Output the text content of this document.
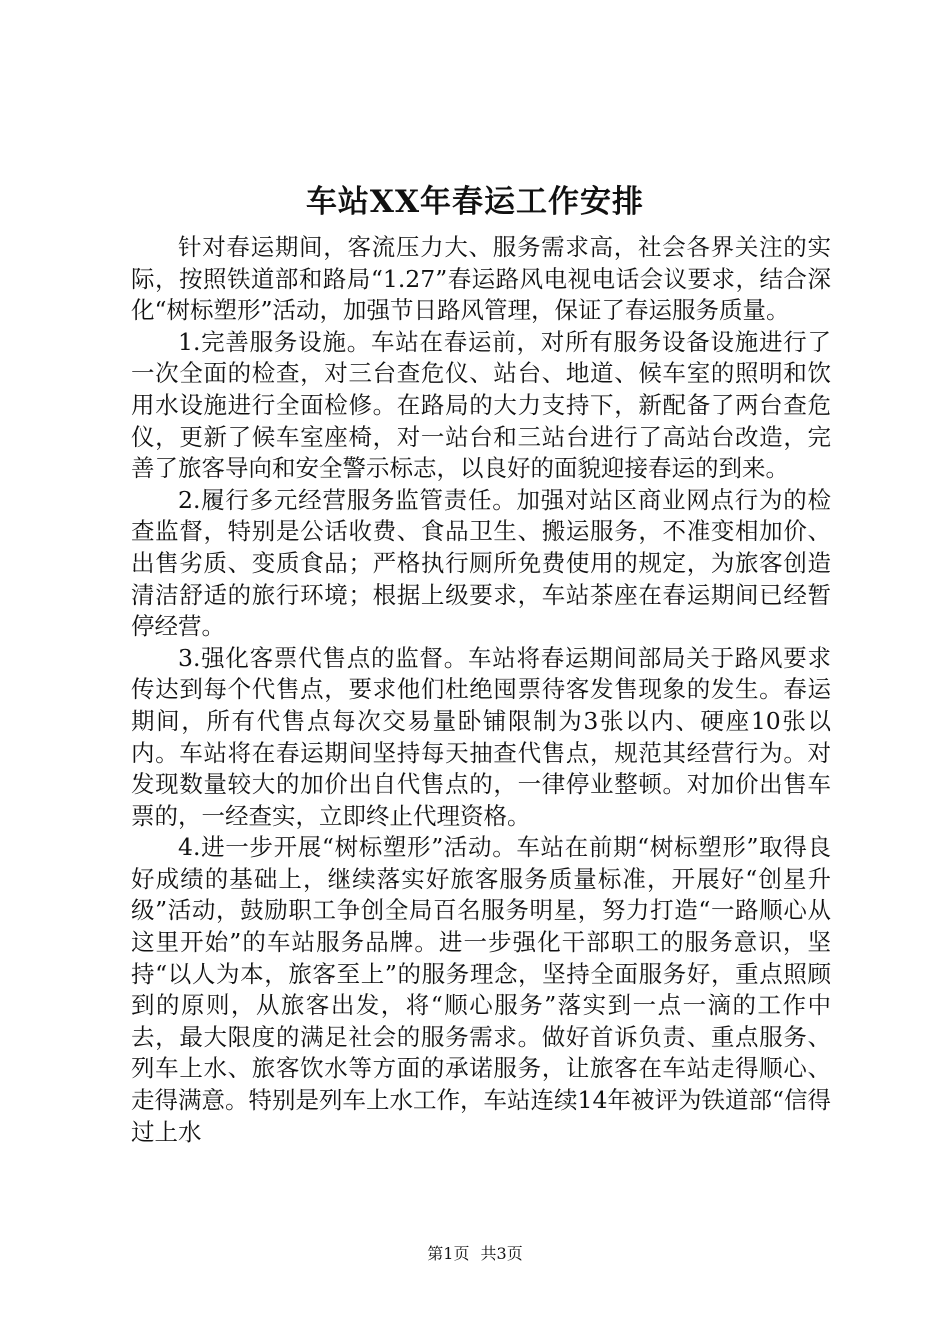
车站XX年春运工作安排

针对春运期间，客流压力大、服务需求高，社会各界关注的实际，按照铁道部和路局“1.27”春运路风电视电话会议要求，结合深化“树标塑形”活动，加强节日路风管理，保证了春运服务质量。

1.完善服务设施。车站在春运前，对所有服务设备设施进行了一次全面的检查，对三台查危仪、站台、地道、候车室的照明和饮用水设施进行全面检修。在路局的大力支持下，新配备了两台查危仪，更新了候车室座椅，对一站台和三站台进行了高站台改造，完善了旅客导向和安全警示标志，以良好的面貌迎接春运的到来。

2.履行多元经营服务监管责任。加强对站区商业网点行为的检查监督，特别是公话收费、食品卫生、搬运服务，不准变相加价、出售劣质、变质食品；严格执行厕所免费使用的规定，为旅客创造清洁舒适的旅行环境；根据上级要求，车站茶座在春运期间已经暂停经营。

3.强化客票代售点的监督。车站将春运期间部局关于路风要求传达到每个代售点，要求他们杜绝囤票待客发售现象的发生。春运期间，所有代售点每次交易量卧铺限制为3张以内、硬座10张以内。车站将在春运期间坚持每天抽查代售点，规范其经营行为。对发现数量较大的加价出自代售点的，一律停业整顿。对加价出售车票的，一经查实，立即终止代理资格。

4.进一步开展“树标塑形”活动。车站在前期“树标塑形”取得良好成绩的基础上，继续落实好旅客服务质量标准，开展好“创星升级”活动，鼓励职工争创全局百名服务明星，努力打造“一路顺心从这里开始”的车站服务品牌。进一步强化干部职工的服务意识，坚持“以人为本，旅客至上”的服务理念，坚持全面服务好，重点照顾到的原则，从旅客出发，将“顺心服务”落实到一点一滴的工作中去，最大限度的满足社会的服务需求。做好首诉负责、重点服务、列车上水、旅客饮水等方面的承诺服务，让旅客在车站走得顺心、走得满意。特别是列车上水工作，车站连续14年被评为铁道部“信得过上水

第1页 共3页
